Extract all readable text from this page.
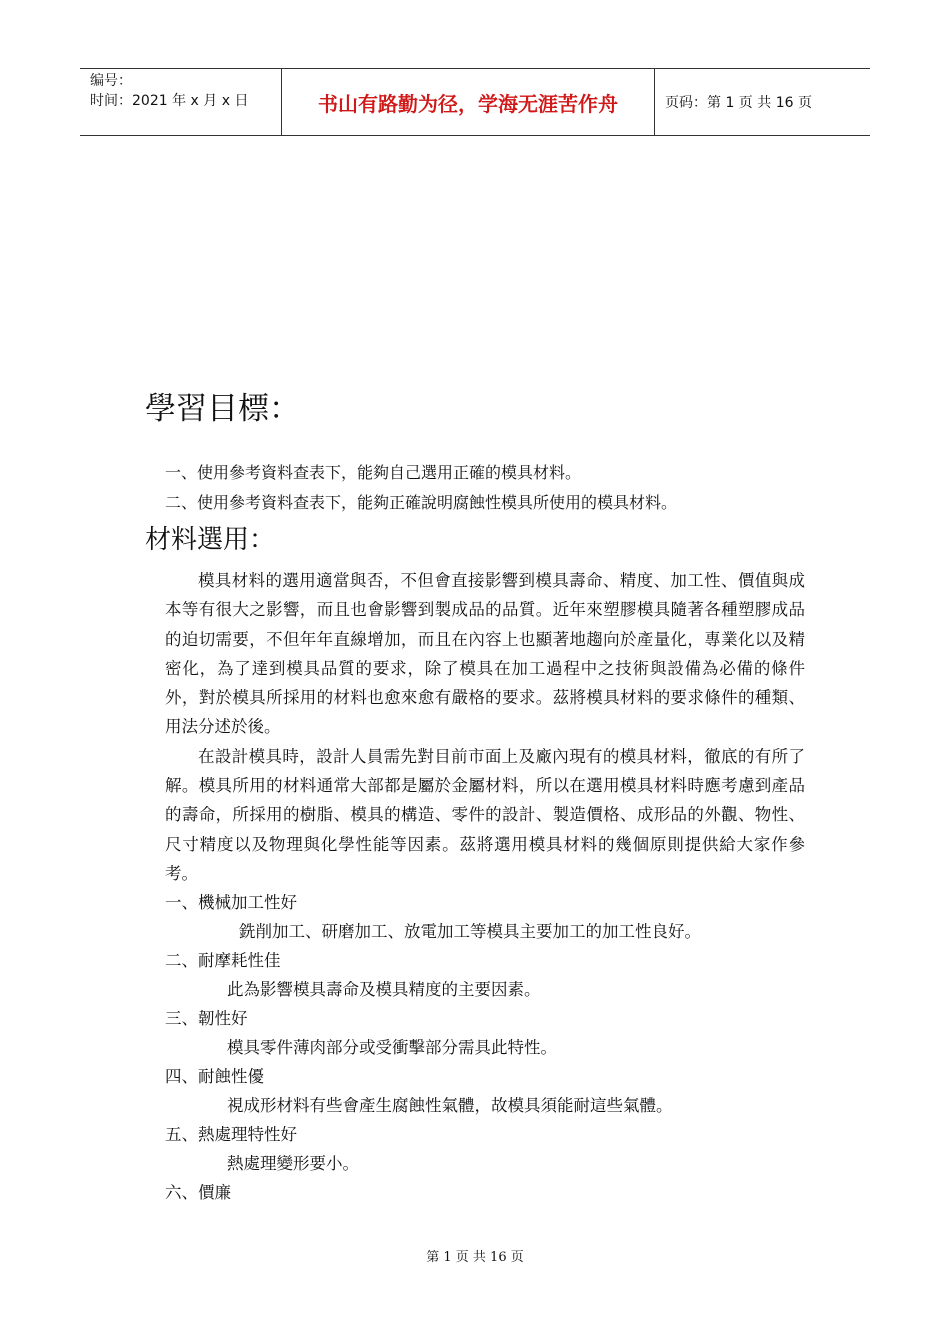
编号：
时间：2021 年 x 月 x 日	书山有路勤为径，学海无涯苦作舟	页码：第 1 页 共 16 页
學習目標：

一、使用參考資料查表下，能夠自己選用正確的模具材料。

二、使用參考資料查表下，能夠正確說明腐蝕性模具所使用的模具材料。

材料選用：

模具材料的選用適當與否，不但會直接影響到模具壽命、精度、加工性、價值與成本等有很大之影響，而且也會影響到製成品的品質。近年來塑膠模具隨著各種塑膠成品的迫切需要，不但年年直線增加，而且在內容上也顯著地趨向於產量化，專業化以及精密化，為了達到模具品質的要求，除了模具在加工過程中之技術與設備為必備的條件外，對於模具所採用的材料也愈來愈有嚴格的要求。茲將模具材料的要求條件的種類、用法分述於後。

在設計模具時，設計人員需先對目前市面上及廠內現有的模具材料，徹底的有所了解。模具所用的材料通常大部都是屬於金屬材料，所以在選用模具材料時應考慮到產品的壽命，所採用的樹脂、模具的構造、零件的設計、製造價格、成形品的外觀、物性、尺寸精度以及物理與化學性能等因素。茲將選用模具材料的幾個原則提供給大家作參考。

一、機械加工性好

銑削加工、研磨加工、放電加工等模具主要加工的加工性良好。

二、耐摩耗性佳

此為影響模具壽命及模具精度的主要因素。

三、韌性好

模具零件薄肉部分或受衝擊部分需具此特性。

四、耐蝕性優

視成形材料有些會產生腐蝕性氣體，故模具須能耐這些氣體。

五、熱處理特性好

熱處理變形要小。

六、價廉

第 1 页 共 16 页
